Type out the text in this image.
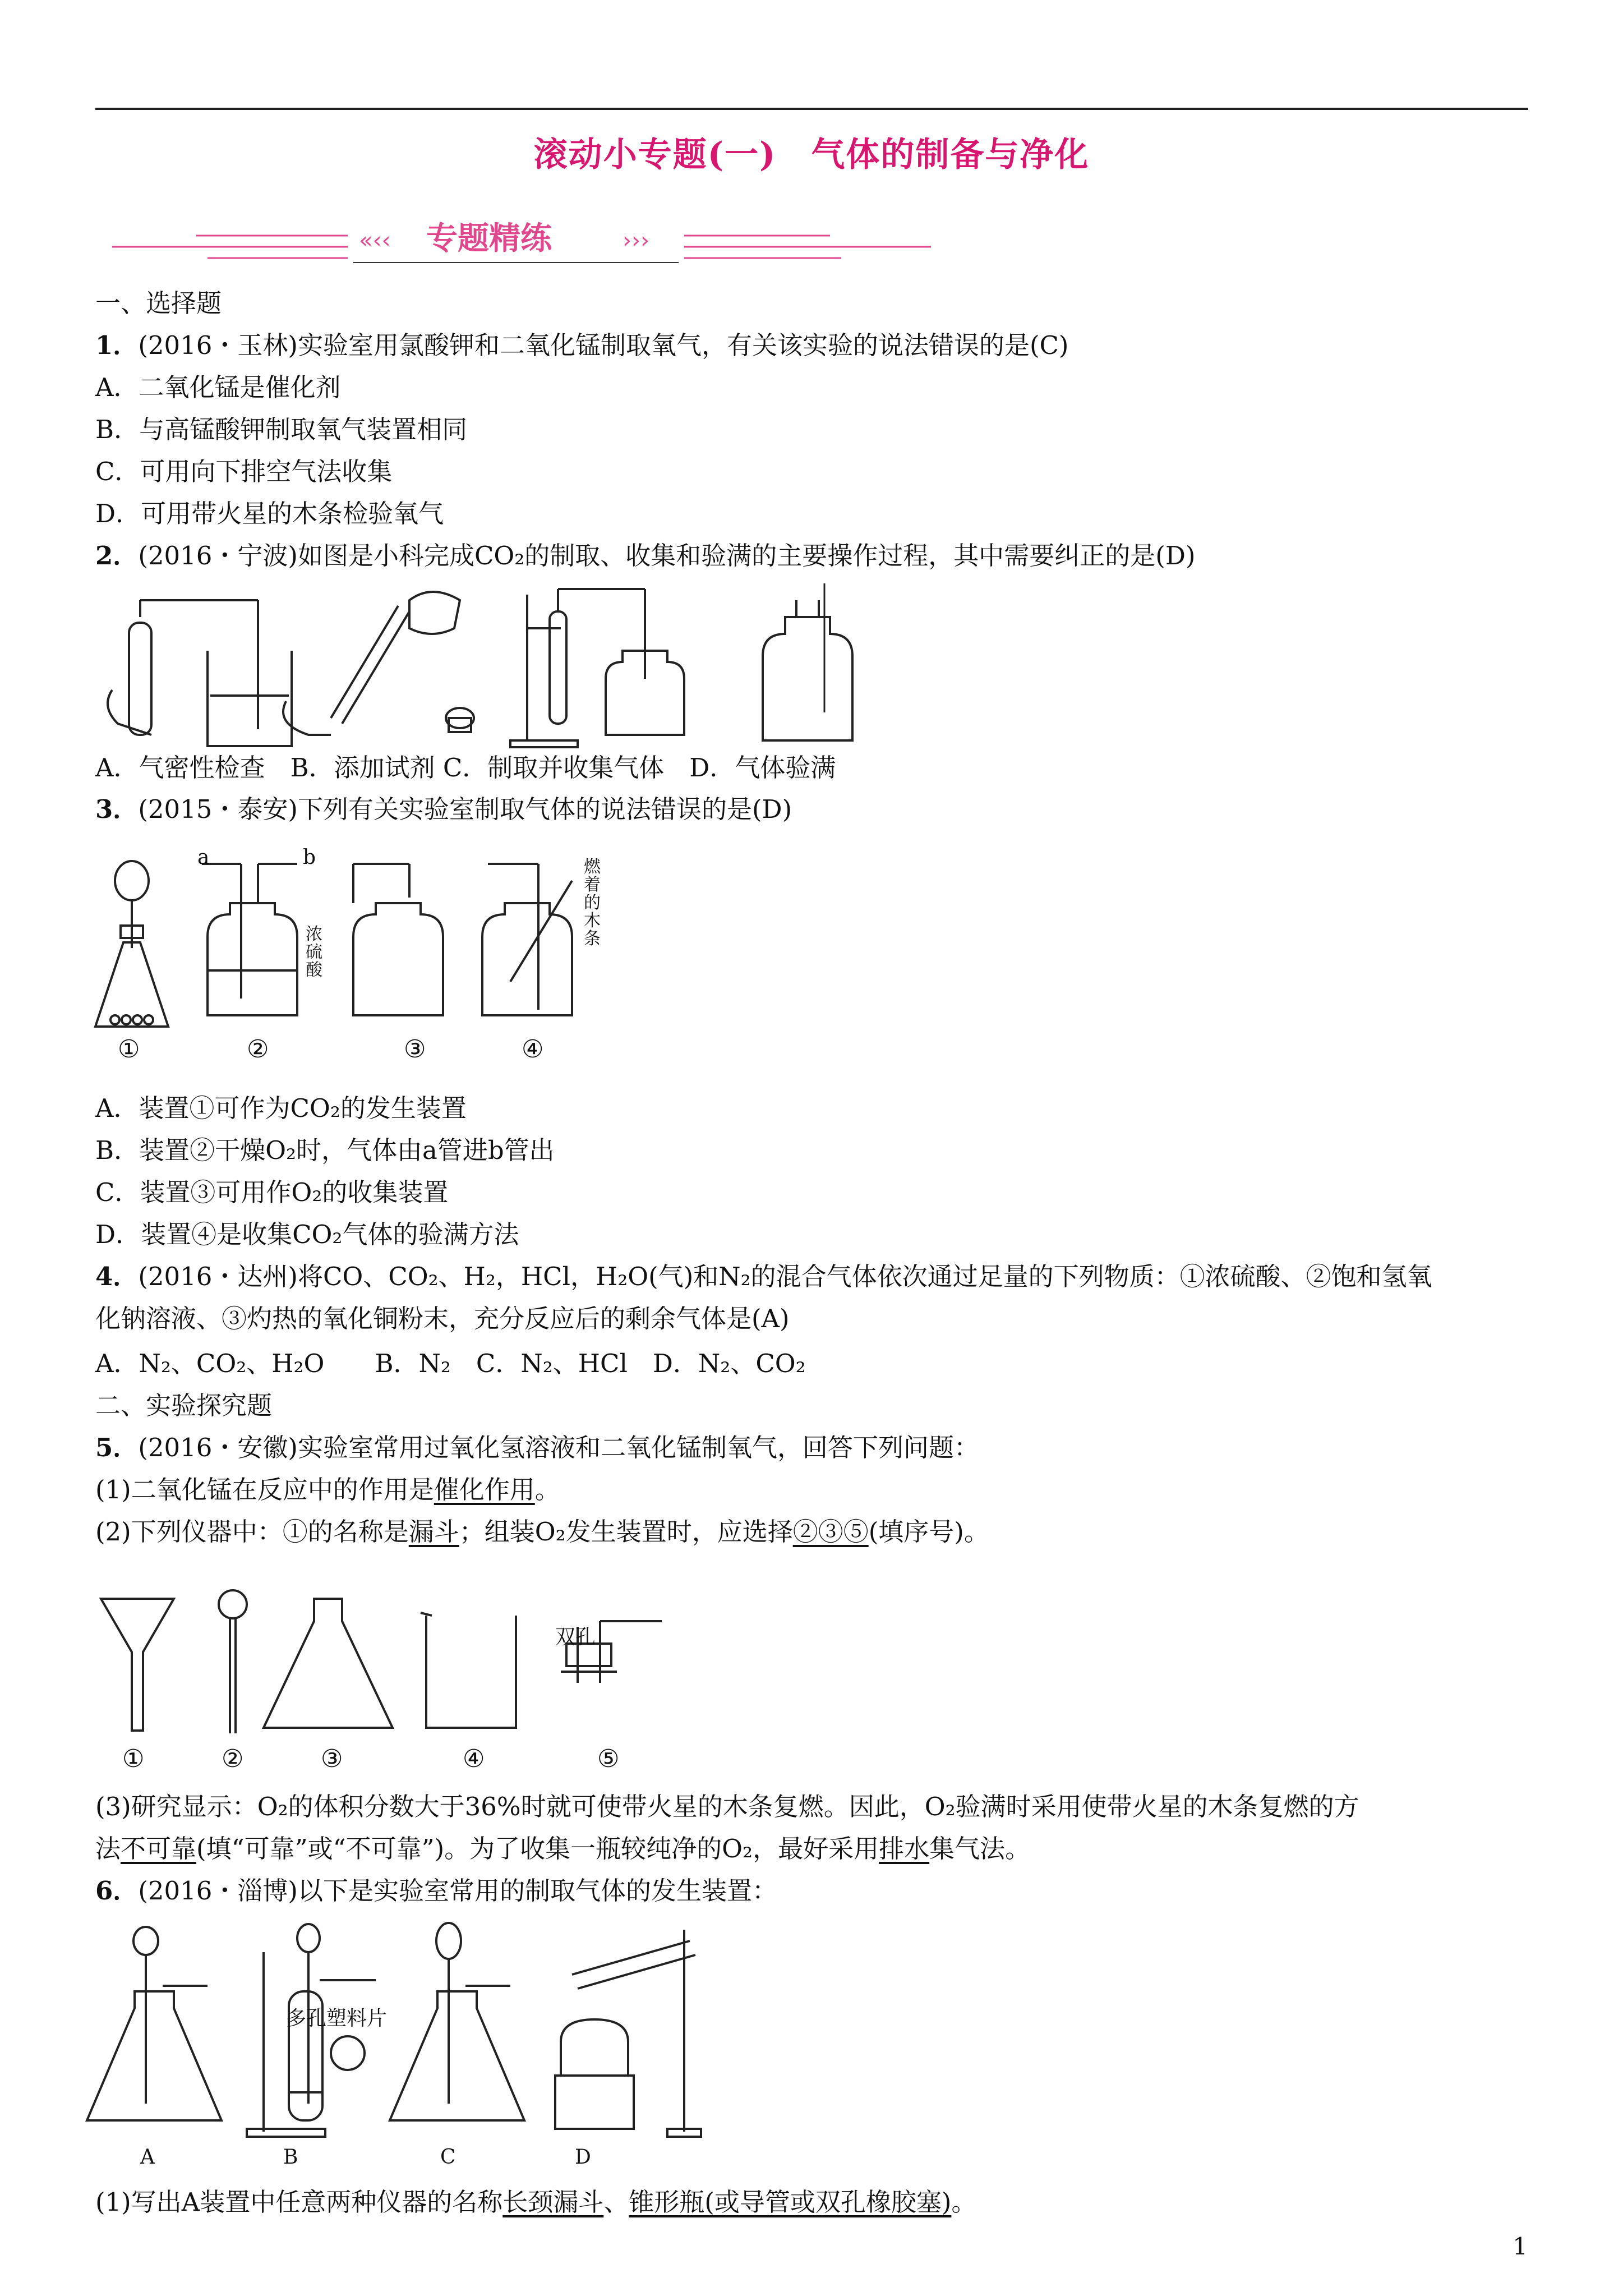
滚动小专题(一)　气体的制备与净化
«‹‹ 专题精练	›››
一、选择题
1．(2016・玉林)实验室用氯酸钾和二氧化锰制取氧气，有关该实验的说法错误的是(C)
A．二氧化锰是催化剂
B．与高锰酸钾制取氧气装置相同
C．可用向下排空气法收集
D．可用带火星的木条检验氧气
2．(2016・宁波)如图是小科完成CO₂的制取、收集和验满的主要操作过程，其中需要纠正的是(D)
A．气密性检查　B．添加试剂 C．制取并收集气体　D．气体验满
3．(2015・泰安)下列有关实验室制取气体的说法错误的是(D)
a	b
浓硫酸
燃着的木条
①	②	③	④
A．装置①可作为CO₂的发生装置
B．装置②干燥O₂时，气体由a管进b管出
C．装置③可用作O₂的收集装置
D．装置④是收集CO₂气体的验满方法
4．(2016・达州)将CO、CO₂、H₂，HCl，H₂O(气)和N₂的混合气体依次通过足量的下列物质：①浓硫酸、②饱和氢氧
化钠溶液、③灼热的氧化铜粉末，充分反应后的剩余气体是(A)
A．N₂、CO₂、H₂O　　B．N₂　C．N₂、HCl　D．N₂、CO₂
二、实验探究题
5．(2016・安徽)实验室常用过氧化氢溶液和二氧化锰制氧气，回答下列问题：
(1)二氧化锰在反应中的作用是催化作用。
(2)下列仪器中：①的名称是漏斗；组装O₂发生装置时，应选择②③⑤(填序号)。
双孔
①	②	③	④	⑤
(3)研究显示：O₂的体积分数大于36%时就可使带火星的木条复燃。因此，O₂验满时采用使带火星的木条复燃的方
法不可靠(填“可靠”或“不可靠”)。为了收集一瓶较纯净的O₂，最好采用排水集气法。
6．(2016・淄博)以下是实验室常用的制取气体的发生装置：
多孔塑料片
A	B	C	D
(1)写出A装置中任意两种仪器的名称长颈漏斗、锥形瓶(或导管或双孔橡胶塞)。
1
